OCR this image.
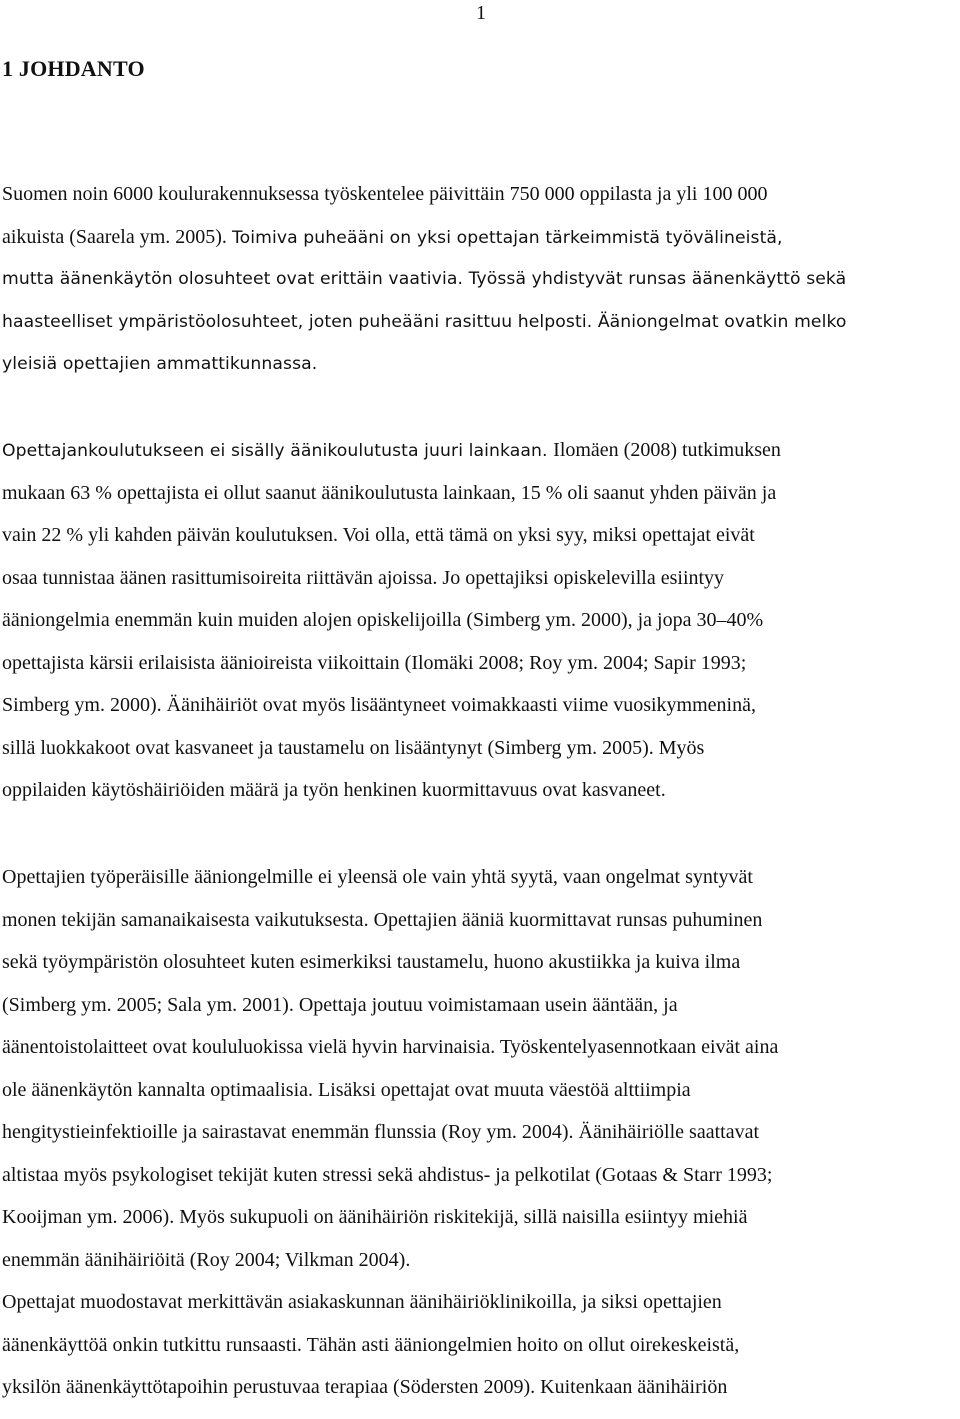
1
1 JOHDANTO
Suomen noin 6000 koulurakennuksessa työskentelee päivittäin 750 000 oppilasta ja yli 100 000
aikuista (Saarela ym. 2005). Toimiva puheääni on yksi opettajan tärkeimmistä työvälineistä,
mutta äänenkäytön olosuhteet ovat erittäin vaativia. Työssä yhdistyvät runsas äänenkäyttö sekä
haasteelliset ympäristöolosuhteet, joten puheääni rasittuu helposti. Ääniongelmat ovatkin melko
yleisiä opettajien ammattikunnassa.
Opettajankoulutukseen ei sisälly äänikoulutusta juuri lainkaan. Ilomäen (2008) tutkimuksen
mukaan 63 % opettajista ei ollut saanut äänikoulutusta lainkaan, 15 % oli saanut yhden päivän ja
vain 22 % yli kahden päivän koulutuksen. Voi olla, että tämä on yksi syy, miksi opettajat eivät
osaa tunnistaa äänen rasittumisoireita riittävän ajoissa. Jo opettajiksi opiskelevilla esiintyy
ääniongelmia enemmän kuin muiden alojen opiskelijoilla (Simberg ym. 2000), ja jopa 30–40%
opettajista kärsii erilaisista äänioireista viikoittain (Ilomäki 2008; Roy ym. 2004; Sapir 1993;
Simberg ym. 2000). Äänihäiriöt ovat myös lisääntyneet voimakkaasti viime vuosikymmeninä,
sillä luokkakoot ovat kasvaneet ja taustamelu on lisääntynyt (Simberg ym. 2005). Myös
oppilaiden käytöshäiriöiden määrä ja työn henkinen kuormittavuus ovat kasvaneet.
Opettajien työperäisille ääniongelmille ei yleensä ole vain yhtä syytä, vaan ongelmat syntyvät
monen tekijän samanaikaisesta vaikutuksesta. Opettajien ääniä kuormittavat runsas puhuminen
sekä työympäristön olosuhteet kuten esimerkiksi taustamelu, huono akustiikka ja kuiva ilma
(Simberg ym. 2005; Sala ym. 2001). Opettaja joutuu voimistamaan usein ääntään, ja
äänentoistolaitteet ovat koululuokissa vielä hyvin harvinaisia. Työskentelyasennotkaan eivät aina
ole äänenkäytön kannalta optimaalisia. Lisäksi opettajat ovat muuta väestöä alttiimpia
hengitystieinfektioille ja sairastavat enemmän flunssia (Roy ym. 2004). Äänihäiriölle saattavat
altistaa myös psykologiset tekijät kuten stressi sekä ahdistus- ja pelkotilat (Gotaas & Starr 1993;
Kooijman ym. 2006). Myös sukupuoli on äänihäiriön riskitekijä, sillä naisilla esiintyy miehiä
enemmän äänihäiriöitä (Roy 2004; Vilkman 2004).
Opettajat muodostavat merkittävän asiakaskunnan äänihäiriöklinikoilla, ja siksi opettajien
äänenkäyttöä onkin tutkittu runsaasti. Tähän asti ääniongelmien hoito on ollut oirekeskeistä,
yksilön äänenkäyttötapoihin perustuvaa terapiaa (Södersten 2009). Kuitenkaan äänihäiriön
